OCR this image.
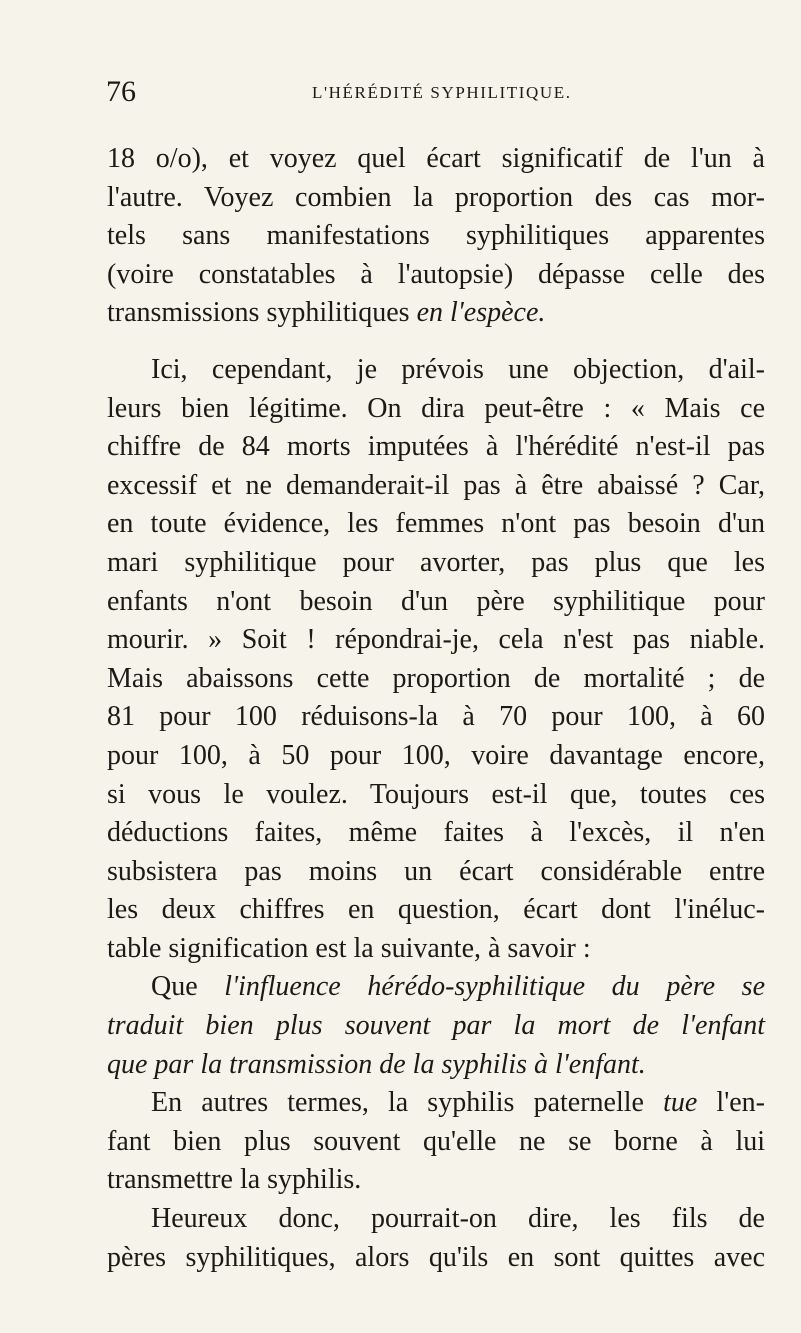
76	L'HÉRÉDITÉ SYPHILITIQUE.
18 o/o), et voyez quel écart significatif de l'un à
l'autre. Voyez combien la proportion des cas mor-
tels sans manifestations syphilitiques apparentes
(voire constatables à l'autopsie) dépasse celle des
transmissions syphilitiques en l'espèce.
Ici, cependant, je prévois une objection, d'ail-
leurs bien légitime. On dira peut-être : « Mais ce
chiffre de 84 morts imputées à l'hérédité n'est-il pas
excessif et ne demanderait-il pas à être abaissé ? Car,
en toute évidence, les femmes n'ont pas besoin d'un
mari syphilitique pour avorter, pas plus que les
enfants n'ont besoin d'un père syphilitique pour
mourir. » Soit ! répondrai-je, cela n'est pas niable.
Mais abaissons cette proportion de mortalité ; de
81 pour 100 réduisons-la à 70 pour 100, à 60
pour 100, à 50 pour 100, voire davantage encore,
si vous le voulez. Toujours est-il que, toutes ces
déductions faites, même faites à l'excès, il n'en
subsistera pas moins un écart considérable entre
les deux chiffres en question, écart dont l'inéluc-
table signification est la suivante, à savoir :
Que l'influence hérédo-syphilitique du père se
traduit bien plus souvent par la mort de l'enfant
que par la transmission de la syphilis à l'enfant.
En autres termes, la syphilis paternelle tue l'en-
fant bien plus souvent qu'elle ne se borne à lui
transmettre la syphilis.
Heureux donc, pourrait-on dire, les fils de
pères syphilitiques, alors qu'ils en sont quittes avec
